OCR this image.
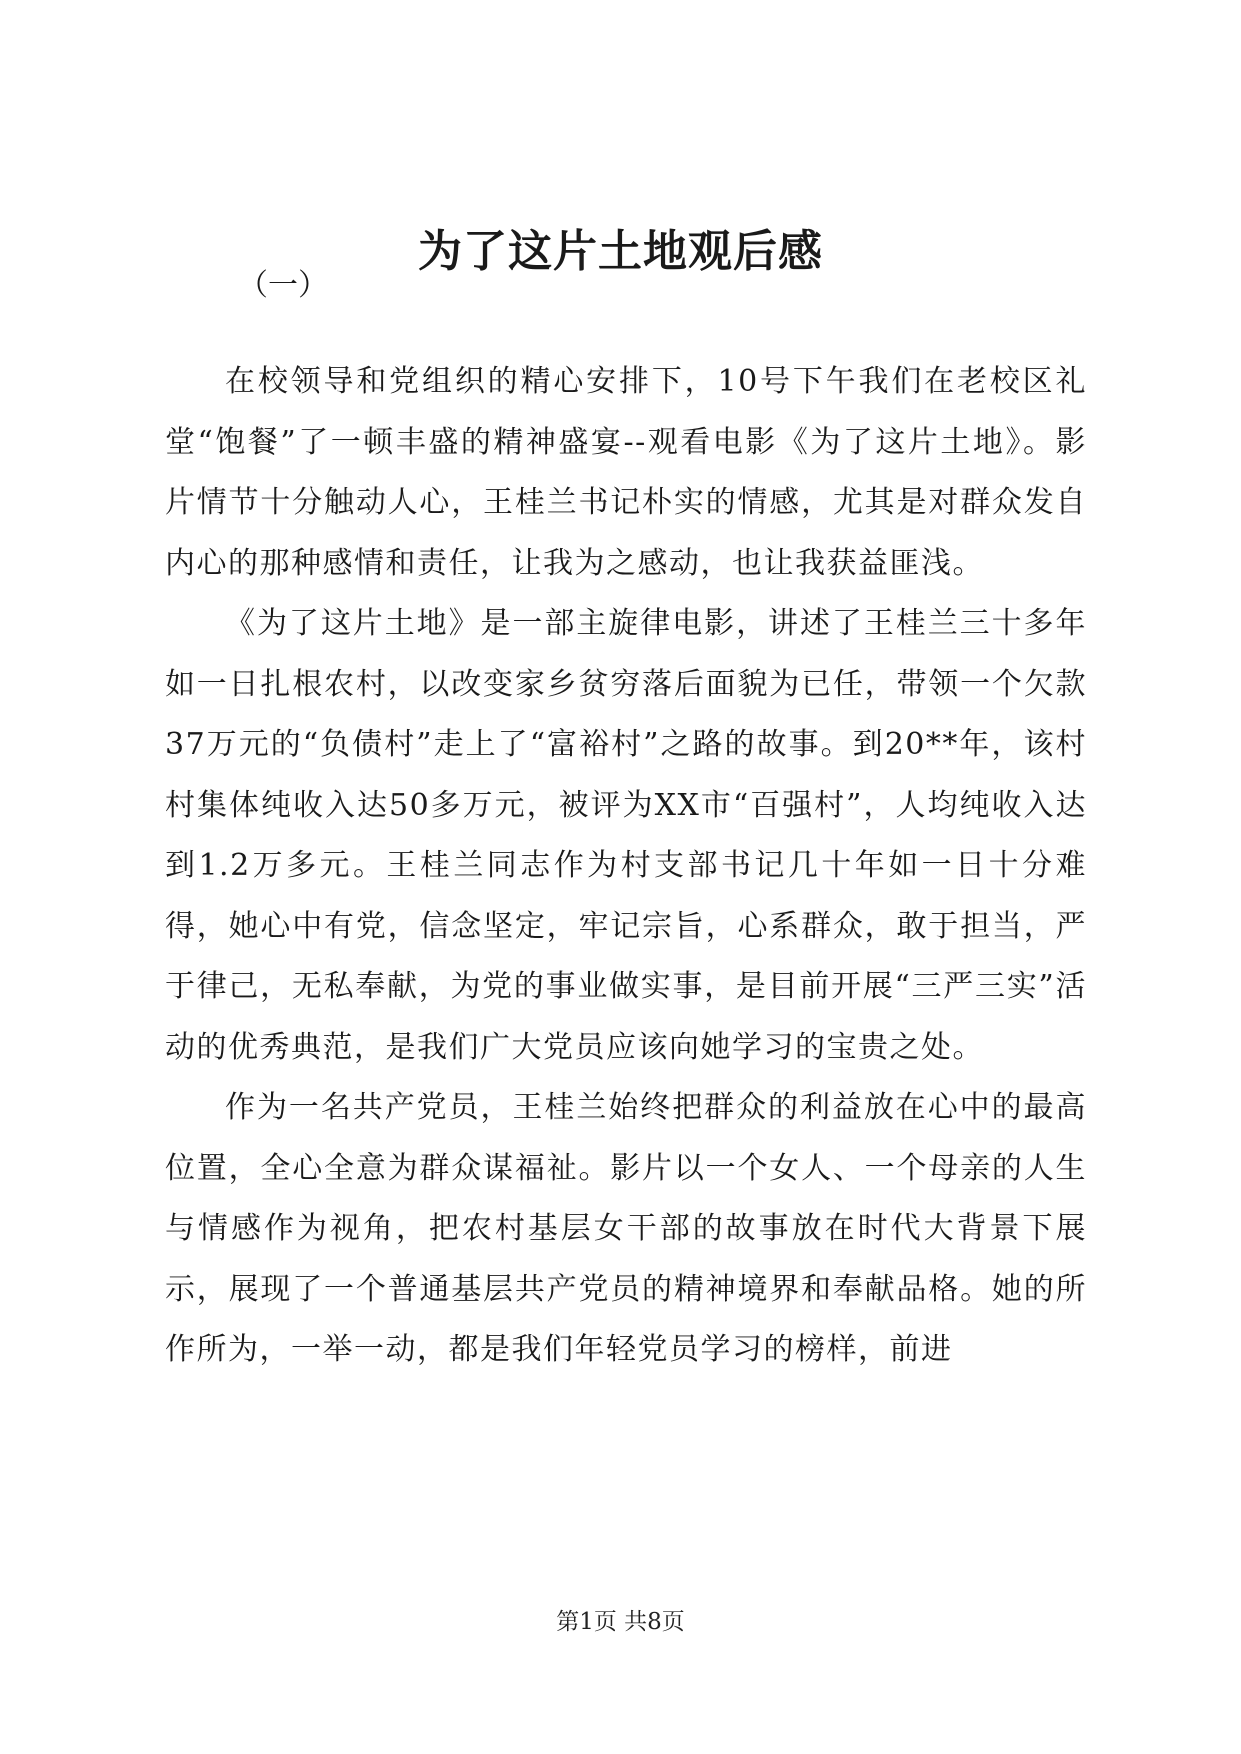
为了这片土地观后感
（一）

在校领导和党组织的精心安排下，10号下午我们在老校区礼堂“饱餐”了一顿丰盛的精神盛宴--观看电影《为了这片土地》。影片情节十分触动人心，王桂兰书记朴实的情感，尤其是对群众发自内心的那种感情和责任，让我为之感动，也让我获益匪浅。

《为了这片土地》是一部主旋律电影，讲述了王桂兰三十多年如一日扎根农村，以改变家乡贫穷落后面貌为已任，带领一个欠款37万元的“负债村”走上了“富裕村”之路的故事。到20**年，该村村集体纯收入达50多万元，被评为XX市“百强村”，人均纯收入达到1.2万多元。王桂兰同志作为村支部书记几十年如一日十分难得，她心中有党，信念坚定，牢记宗旨，心系群众，敢于担当，严于律己，无私奉献，为党的事业做实事，是目前开展“三严三实”活动的优秀典范，是我们广大党员应该向她学习的宝贵之处。

作为一名共产党员，王桂兰始终把群众的利益放在心中的最高位置，全心全意为群众谋福祉。影片以一个女人、一个母亲的人生与情感作为视角，把农村基层女干部的故事放在时代大背景下展示，展现了一个普通基层共产党员的精神境界和奉献品格。她的所作所为，一举一动，都是我们年轻党员学习的榜样，前进

第1页 共8页
